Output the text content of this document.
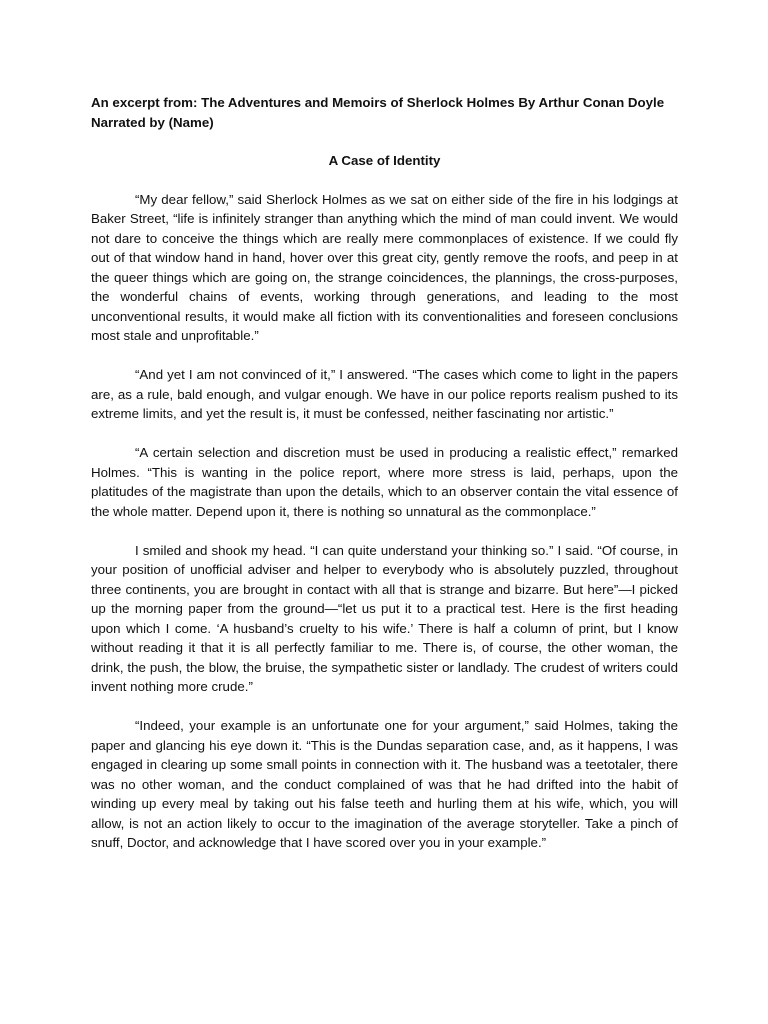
An excerpt from: The Adventures and Memoirs of Sherlock Holmes By Arthur Conan Doyle

Narrated by (Name)

A Case of Identity

“My dear fellow,” said Sherlock Holmes as we sat on either side of the fire in his lodgings at Baker Street, “life is infinitely stranger than anything which the mind of man could invent. We would not dare to conceive the things which are really mere commonplaces of existence. If we could fly out of that window hand in hand, hover over this great city, gently remove the roofs, and peep in at the queer things which are going on, the strange coincidences, the plannings, the cross-purposes, the wonderful chains of events, working through generations, and leading to the most unconventional results, it would make all fiction with its conventionalities and foreseen conclusions most stale and unprofitable.”

“And yet I am not convinced of it,” I answered. “The cases which come to light in the papers are, as a rule, bald enough, and vulgar enough. We have in our police reports realism pushed to its extreme limits, and yet the result is, it must be confessed, neither fascinating nor artistic.”

“A certain selection and discretion must be used in producing a realistic effect,” remarked Holmes. “This is wanting in the police report, where more stress is laid, perhaps, upon the platitudes of the magistrate than upon the details, which to an observer contain the vital essence of the whole matter. Depend upon it, there is nothing so unnatural as the commonplace.”

I smiled and shook my head. “I can quite understand your thinking so.” I said. “Of course, in your position of unofficial adviser and helper to everybody who is absolutely puzzled, throughout three continents, you are brought in contact with all that is strange and bizarre. But here”—I picked up the morning paper from the ground—“let us put it to a practical test. Here is the first heading upon which I come. ‘A husband’s cruelty to his wife.’ There is half a column of print, but I know without reading it that it is all perfectly familiar to me. There is, of course, the other woman, the drink, the push, the blow, the bruise, the sympathetic sister or landlady. The crudest of writers could invent nothing more crude.”

“Indeed, your example is an unfortunate one for your argument,” said Holmes, taking the paper and glancing his eye down it. “This is the Dundas separation case, and, as it happens, I was engaged in clearing up some small points in connection with it. The husband was a teetotaler, there was no other woman, and the conduct complained of was that he had drifted into the habit of winding up every meal by taking out his false teeth and hurling them at his wife, which, you will allow, is not an action likely to occur to the imagination of the average storyteller. Take a pinch of snuff, Doctor, and acknowledge that I have scored over you in your example.”
